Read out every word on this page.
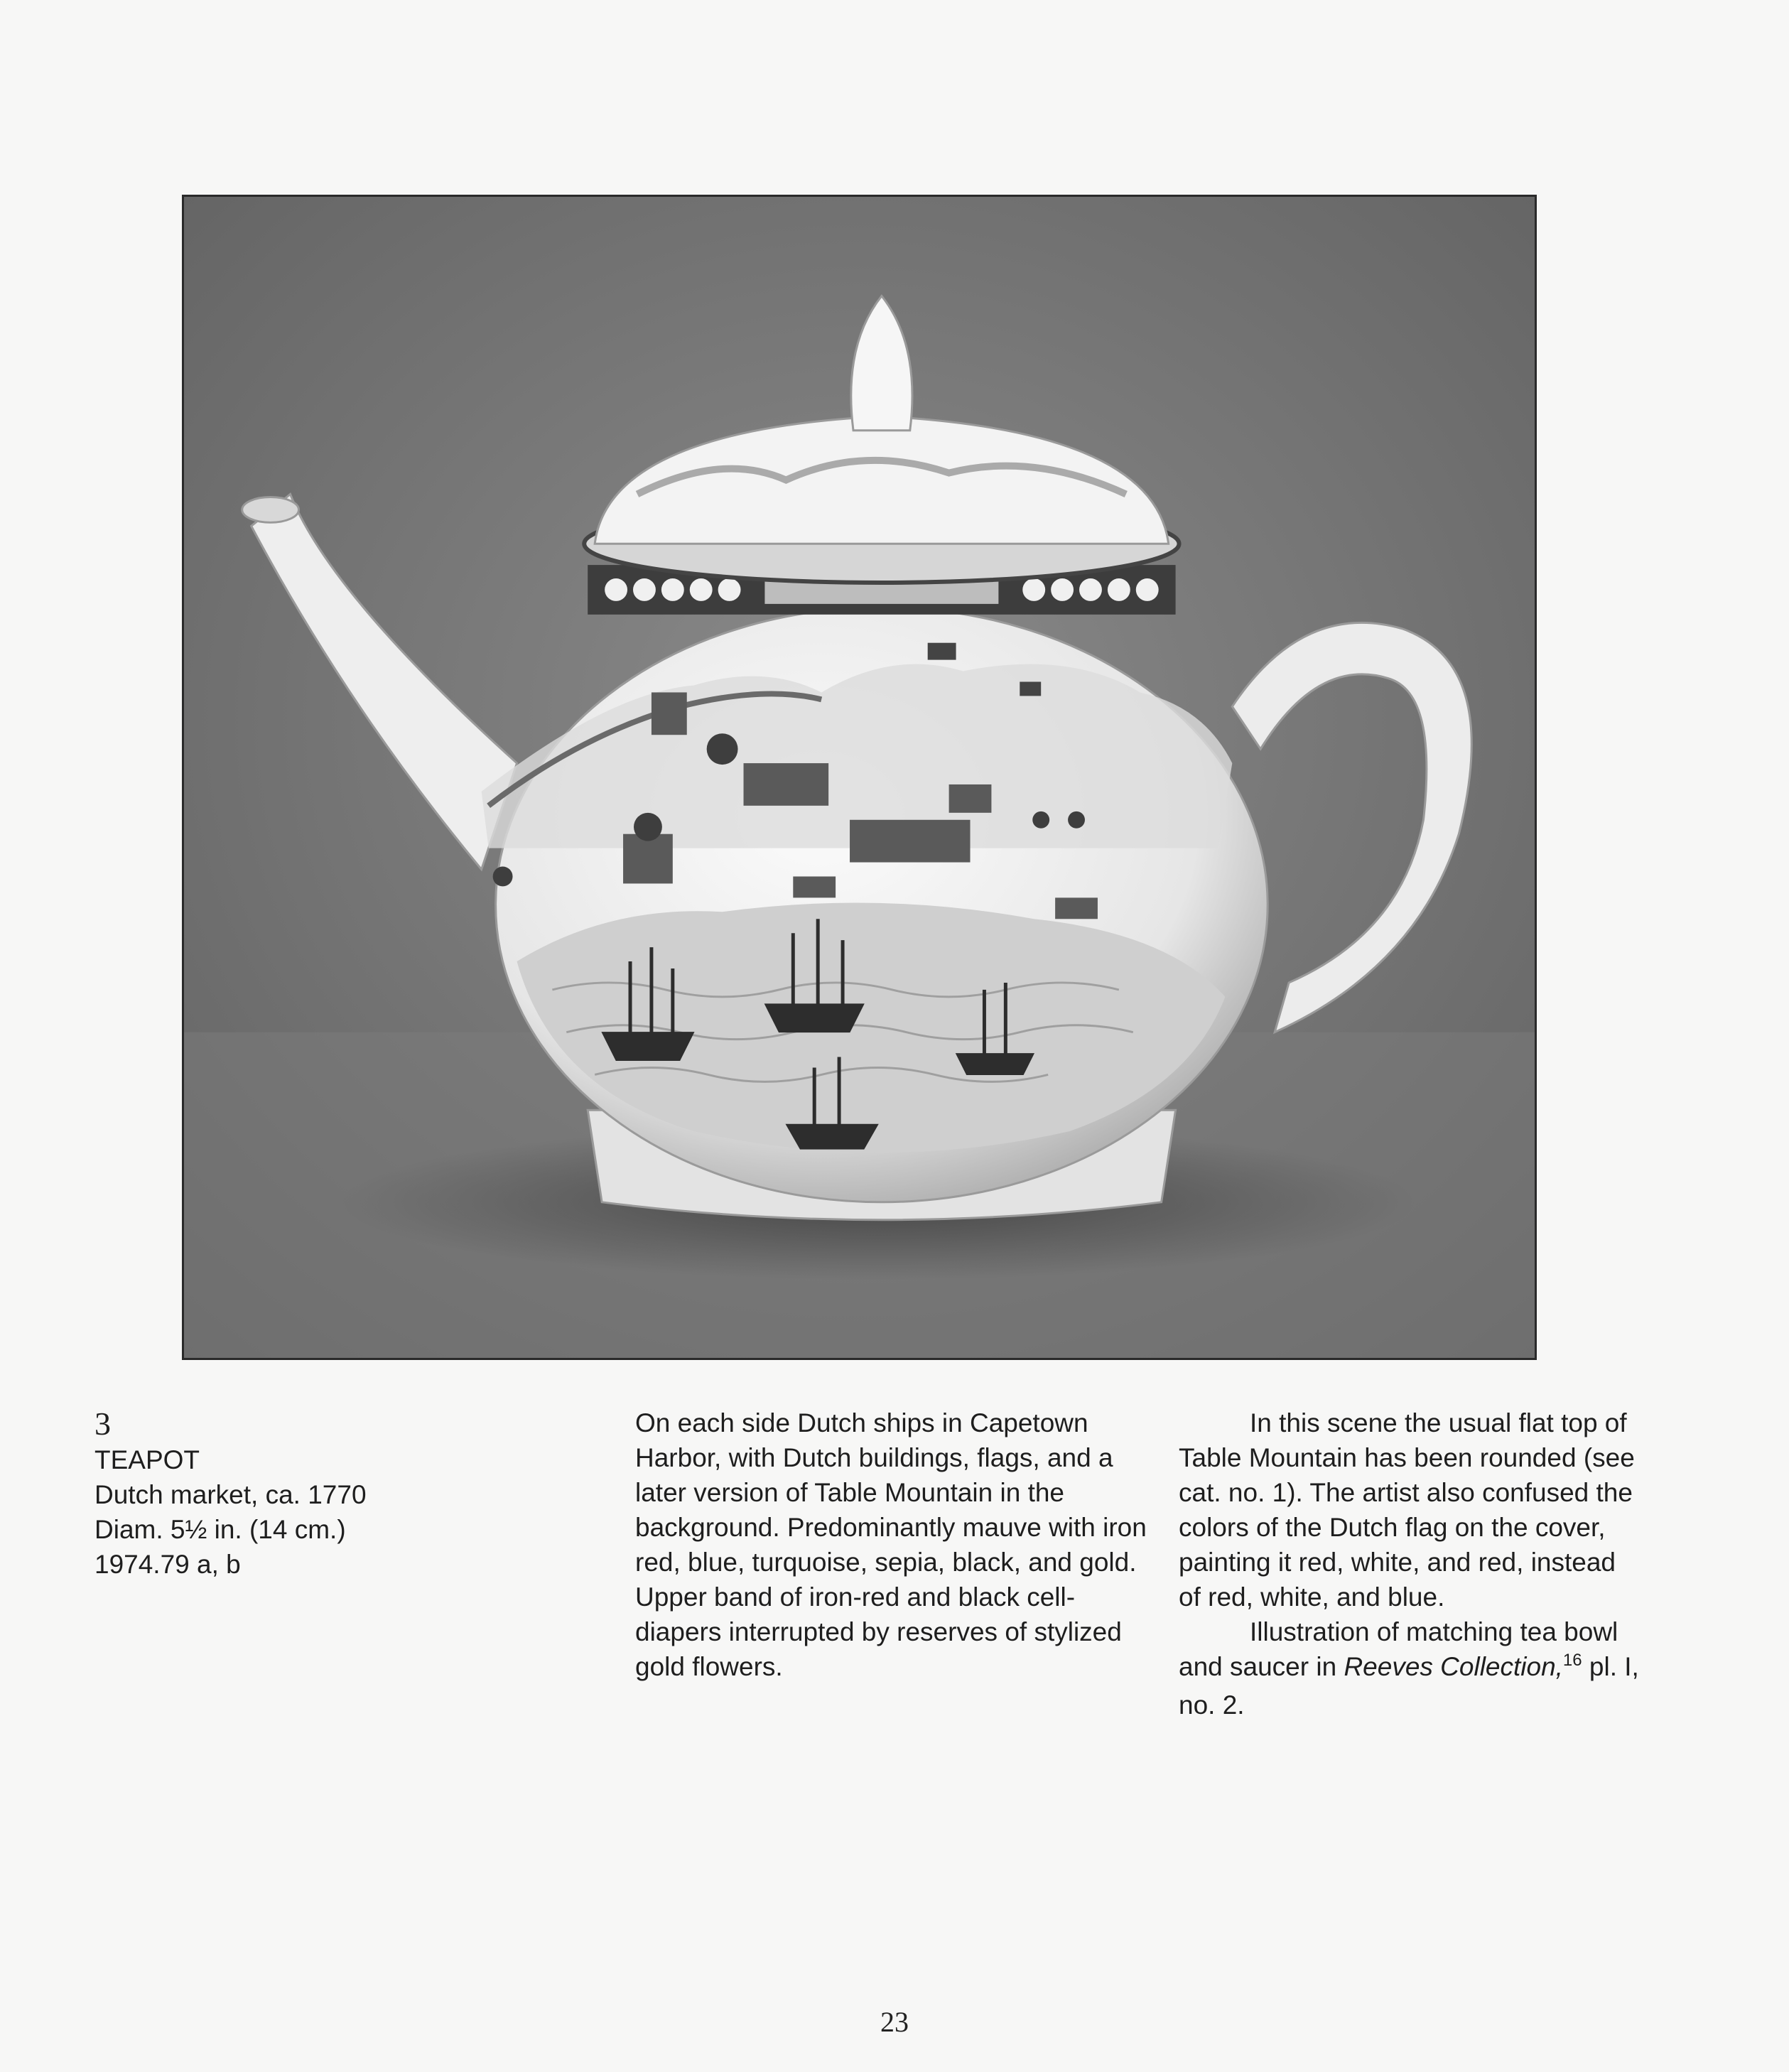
3

TEAPOT

Dutch market, ca. 1770

Diam. 5½ in. (14 cm.)

1974.79 a, b

On each side Dutch ships in Capetown Harbor, with Dutch buildings, flags, and a later version of Table Mountain in the background. Predominantly mauve with iron red, blue, turquoise, sepia, black, and gold. Upper band of iron-red and black cell-diapers interrupted by reserves of stylized gold flowers.

In this scene the usual flat top of Table Mountain has been rounded (see cat. no. 1). The artist also confused the colors of the Dutch flag on the cover, painting it red, white, and red, instead of red, white, and blue.

Illustration of matching tea bowl and saucer in Reeves Collection,$^{16}$ pl. I, no. 2.

23
